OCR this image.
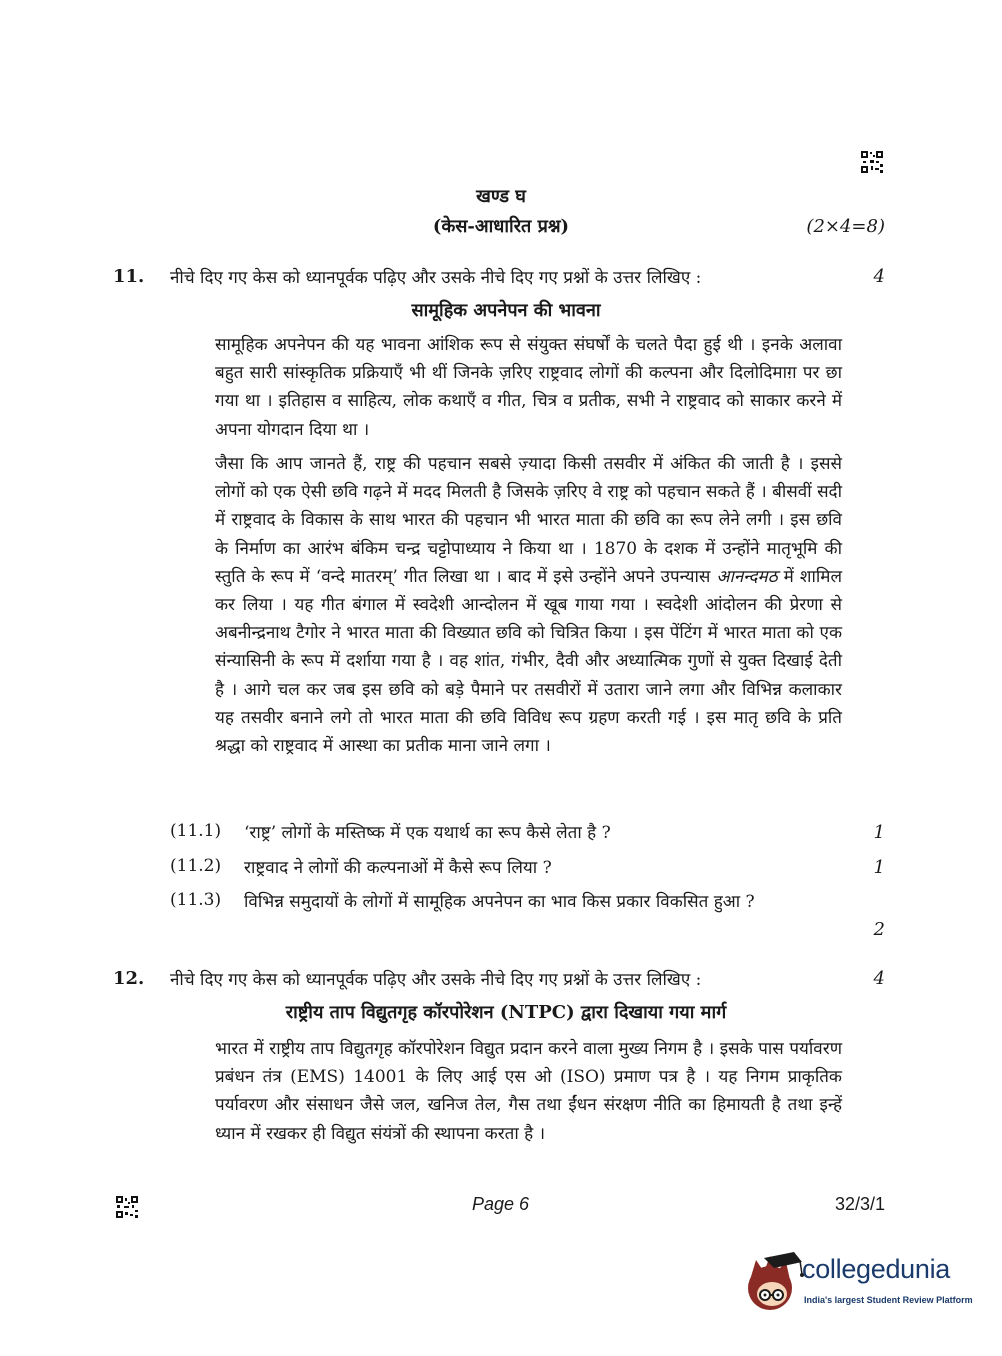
खण्ड घ
(केस-आधारित प्रश्न)	(2×4=8)
11. नीचे दिए गए केस को ध्यानपूर्वक पढ़िए और उसके नीचे दिए गए प्रश्नों के उत्तर लिखिए :	4
सामूहिक अपनेपन की भावना

सामूहिक अपनेपन की यह भावना आंशिक रूप से संयुक्त संघर्षों के चलते पैदा हुई थी । इनके अलावा बहुत सारी सांस्कृतिक प्रक्रियाएँ भी थीं जिनके ज़रिए राष्ट्रवाद लोगों की कल्पना और दिलोदिमाग़ पर छा गया था । इतिहास व साहित्य, लोक कथाएँ व गीत, चित्र व प्रतीक, सभी ने राष्ट्रवाद को साकार करने में अपना योगदान दिया था ।

जैसा कि आप जानते हैं, राष्ट्र की पहचान सबसे ज़्यादा किसी तसवीर में अंकित की जाती है । इससे लोगों को एक ऐसी छवि गढ़ने में मदद मिलती है जिसके ज़रिए वे राष्ट्र को पहचान सकते हैं । बीसवीं सदी में राष्ट्रवाद के विकास के साथ भारत की पहचान भी भारत माता की छवि का रूप लेने लगी । इस छवि के निर्माण का आरंभ बंकिम चन्द्र चट्टोपाध्याय ने किया था । 1870 के दशक में उन्होंने मातृभूमि की स्तुति के रूप में ‘वन्दे मातरम्’ गीत लिखा था । बाद में इसे उन्होंने अपने उपन्यास आनन्दमठ में शामिल कर लिया । यह गीत बंगाल में स्वदेशी आन्दोलन में खूब गाया गया । स्वदेशी आंदोलन की प्रेरणा से अबनीन्द्रनाथ टैगोर ने भारत माता की विख्यात छवि को चित्रित किया । इस पेंटिंग में भारत माता को एक संन्यासिनी के रूप में दर्शाया गया है । वह शांत, गंभीर, दैवी और अध्यात्मिक गुणों से युक्त दिखाई देती है । आगे चल कर जब इस छवि को बड़े पैमाने पर तसवीरों में उतारा जाने लगा और विभिन्न कलाकार यह तसवीर बनाने लगे तो भारत माता की छवि विविध रूप ग्रहण करती गई । इस मातृ छवि के प्रति श्रद्धा को राष्ट्रवाद में आस्था का प्रतीक माना जाने लगा ।

(11.1) ‘राष्ट्र’ लोगों के मस्तिष्क में एक यथार्थ का रूप कैसे लेता है ?	1
(11.2) राष्ट्रवाद ने लोगों की कल्पनाओं में कैसे रूप लिया ?	1
(11.3) विभिन्न समुदायों के लोगों में सामूहिक अपनेपन का भाव किस प्रकार विकसित हुआ ?
2
12. नीचे दिए गए केस को ध्यानपूर्वक पढ़िए और उसके नीचे दिए गए प्रश्नों के उत्तर लिखिए :	4
राष्ट्रीय ताप विद्युतगृह कॉरपोरेशन (NTPC) द्वारा दिखाया गया मार्ग

भारत में राष्ट्रीय ताप विद्युतगृह कॉरपोरेशन विद्युत प्रदान करने वाला मुख्य निगम है । इसके पास पर्यावरण प्रबंधन तंत्र (EMS) 14001 के लिए आई एस ओ (ISO) प्रमाण पत्र है । यह निगम प्राकृतिक पर्यावरण और संसाधन जैसे जल, खनिज तेल, गैस तथा ईंधन संरक्षण नीति का हिमायती है तथा इन्हें ध्यान में रखकर ही विद्युत संयंत्रों की स्थापना करता है ।

Page 6	32/3/1
collegedunia
India's largest Student Review Platform
